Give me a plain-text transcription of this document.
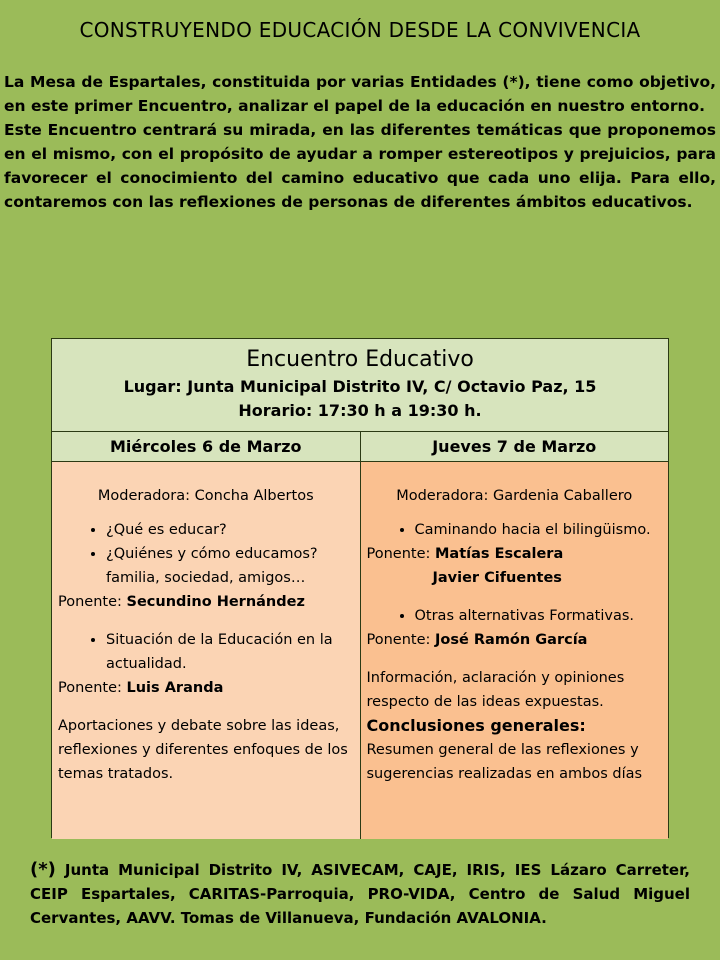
CONSTRUYENDO EDUCACIÓN DESDE LA CONVIVENCIA

La Mesa de Espartales, constituida por varias Entidades (*), tiene como objetivo, en este primer Encuentro, analizar el papel de la educación en nuestro entorno.

Este Encuentro centrará su mirada, en las diferentes temáticas que proponemos en el mismo, con el propósito de ayudar a romper estereotipos y prejuicios, para favorecer el conocimiento del camino educativo que cada uno elija. Para ello, contaremos con las reflexiones de personas de diferentes ámbitos educativos.

Encuentro Educativo
Lugar: Junta Municipal Distrito IV, C/ Octavio Paz, 15
Horario: 17:30 h a 19:30 h.
Miércoles 6 de Marzo	Jueves 7 de Marzo
Moderadora: Concha Albertos
• ¿Qué es educar?
• ¿Quiénes y cómo educamos? familia, sociedad, amigos…

Ponente: Secundino Hernández

• Situación de la Educación en la actualidad.

Ponente: Luis Aranda

Aportaciones y debate sobre las ideas, reflexiones y diferentes enfoques de los temas tratados.

Moderadora: Gardenia Caballero
• Caminando hacia el bilingüismo.

Ponente: Matías Escalera

Javier Cifuentes

• Otras alternativas Formativas.

Ponente: José Ramón García

Información, aclaración y opiniones respecto de las ideas expuestas.

Conclusiones generales:

Resumen general de las reflexiones y sugerencias realizadas en ambos días

(*) Junta Municipal Distrito IV, ASIVECAM, CAJE, IRIS, IES Lázaro Carreter, CEIP Espartales, CARITAS-Parroquia, PRO-VIDA, Centro de Salud Miguel Cervantes, AAVV. Tomas de Villanueva, Fundación AVALONIA.
